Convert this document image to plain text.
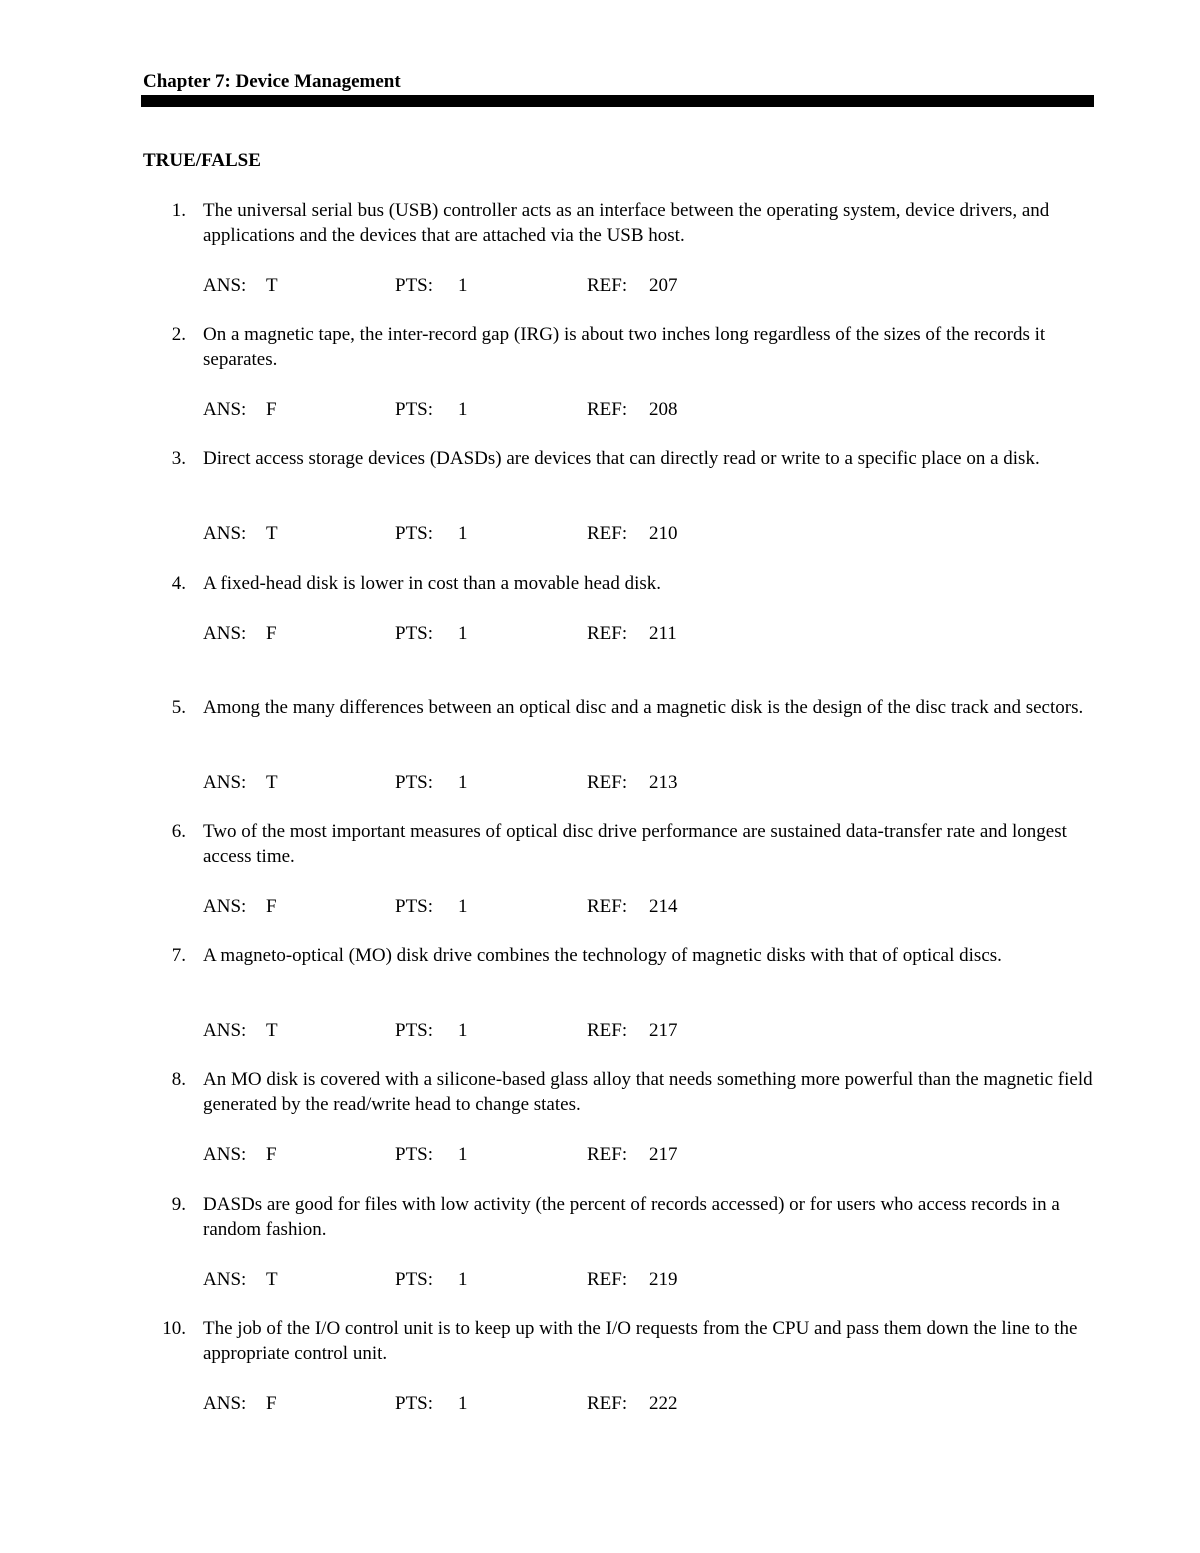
Chapter 7: Device Management
TRUE/FALSE
1. The universal serial bus (USB) controller acts as an interface between the operating system, device drivers, and applications and the devices that are attached via the USB host.
ANS: T	PTS: 1	REF: 207
2. On a magnetic tape, the inter-record gap (IRG) is about two inches long regardless of the sizes of the records it separates.
ANS: F	PTS: 1	REF: 208
3. Direct access storage devices (DASDs) are devices that can directly read or write to a specific place on a disk.
ANS: T	PTS: 1	REF: 210
4. A fixed-head disk is lower in cost than a movable head disk.
ANS: F	PTS: 1	REF: 211
5. Among the many differences between an optical disc and a magnetic disk is the design of the disc track and sectors.
ANS: T	PTS: 1	REF: 213
6. Two of the most important measures of optical disc drive performance are sustained data-transfer rate and longest access time.
ANS: F	PTS: 1	REF: 214
7. A magneto-optical (MO) disk drive combines the technology of magnetic disks with that of optical discs.
ANS: T	PTS: 1	REF: 217
8. An MO disk is covered with a silicone-based glass alloy that needs something more powerful than the magnetic field generated by the read/write head to change states.
ANS: F	PTS: 1	REF: 217
9. DASDs are good for files with low activity (the percent of records accessed) or for users who access records in a random fashion.
ANS: T	PTS: 1	REF: 219
10. The job of the I/O control unit is to keep up with the I/O requests from the CPU and pass them down the line to the appropriate control unit.
ANS: F	PTS: 1	REF: 222
